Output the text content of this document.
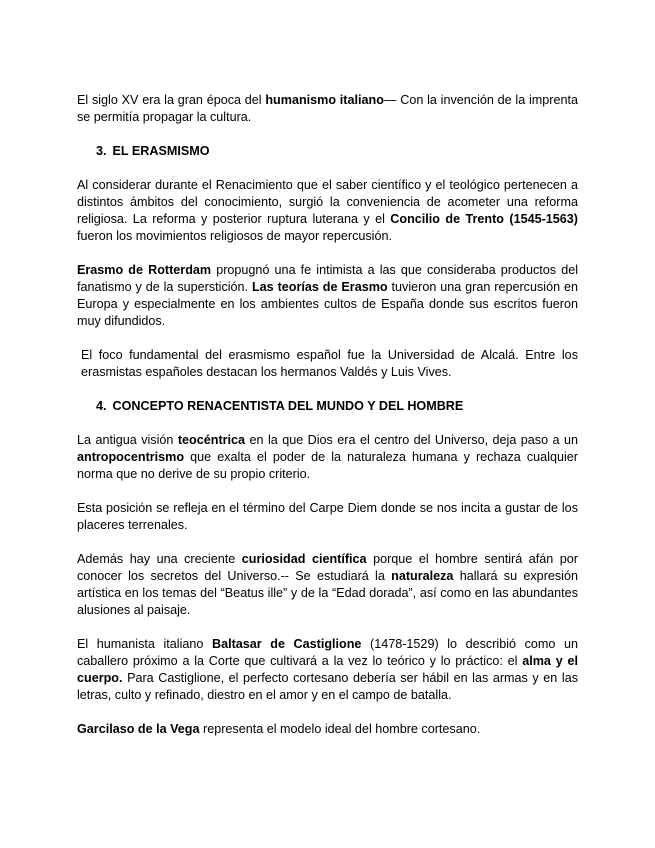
El siglo XV era la gran época del humanismo italiano— Con la invención de la imprenta se permitía propagar la cultura.

3. EL ERASMISMO

Al considerar durante el Renacimiento que el saber científico y el teológico pertenecen a distintos ámbitos del conocimiento, surgió la conveniencia de acometer una reforma religiosa. La reforma y posterior ruptura luterana y el Concilio de Trento (1545-1563) fueron los movimientos religiosos de mayor repercusión.

Erasmo de Rotterdam propugnó una fe intimista a las que consideraba productos del fanatismo y de la superstición. Las teorías de Erasmo tuvieron una gran repercusión en Europa y especialmente en los ambientes cultos de España donde sus escritos fueron muy difundidos.

El foco fundamental del erasmismo español fue la Universidad de Alcalá. Entre los erasmistas españoles destacan los hermanos Valdés y Luis Vives.

4. CONCEPTO RENACENTISTA DEL MUNDO Y DEL HOMBRE

La antigua visión teocéntrica en la que Dios era el centro del Universo, deja paso a un antropocentrismo que exalta el poder de la naturaleza humana y rechaza cualquier norma que no derive de su propio criterio.

Esta posición se refleja en el término del Carpe Diem donde se nos incita a gustar de los placeres terrenales.

Además hay una creciente curiosidad científica porque el hombre sentirá afán por conocer los secretos del Universo.-- Se estudiará la naturaleza hallará su expresión artística en los temas del “Beatus ille” y de la “Edad dorada”, así como en las abundantes alusiones al paisaje.

El humanista italiano Baltasar de Castiglione (1478-1529) lo describió como un caballero próximo a la Corte que cultivará a la vez lo teórico y lo práctico: el alma y el cuerpo. Para Castiglione, el perfecto cortesano debería ser hábil en las armas y en las letras, culto y refinado, diestro en el amor y en el campo de batalla.

Garcilaso de la Vega representa el modelo ideal del hombre cortesano.
